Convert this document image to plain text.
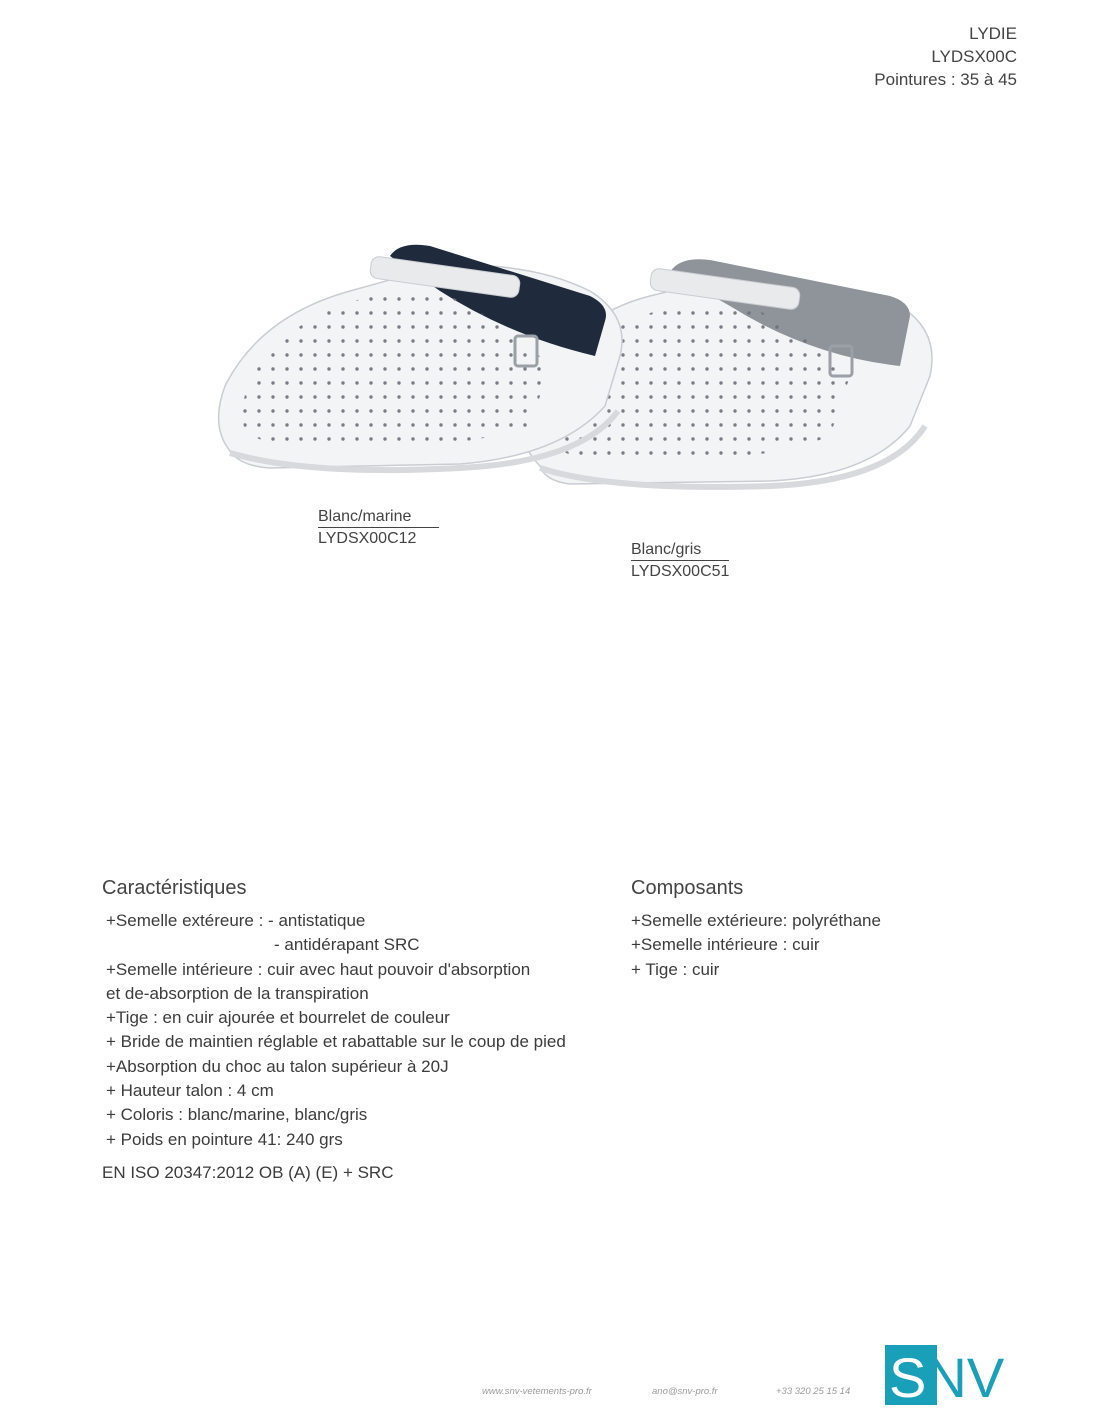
LYDIE
LYDSX00C
Pointures : 35 à 45
Blanc/marine
LYDSX00C12
Blanc/gris
LYDSX00C51
Caractéristiques
+Semelle extéreure : - antistatique
- antidérapant SRC
+Semelle intérieure : cuir avec haut pouvoir d'absorption
et de-absorption de la transpiration
+Tige : en cuir ajourée et bourrelet de couleur
+ Bride de maintien réglable et rabattable sur le coup de pied
+Absorption du choc au talon supérieur à 20J
+ Hauteur talon : 4 cm
+ Coloris : blanc/marine, blanc/gris
+ Poids en pointure 41: 240 grs
EN ISO 20347:2012 OB (A) (E) + SRC
Composants
+Semelle extérieure: polyréthane
+Semelle intérieure : cuir
+ Tige : cuir
www.snv-vetements-pro.fr	ano@snv-pro.fr	+33 320 25 15 14 SNV
